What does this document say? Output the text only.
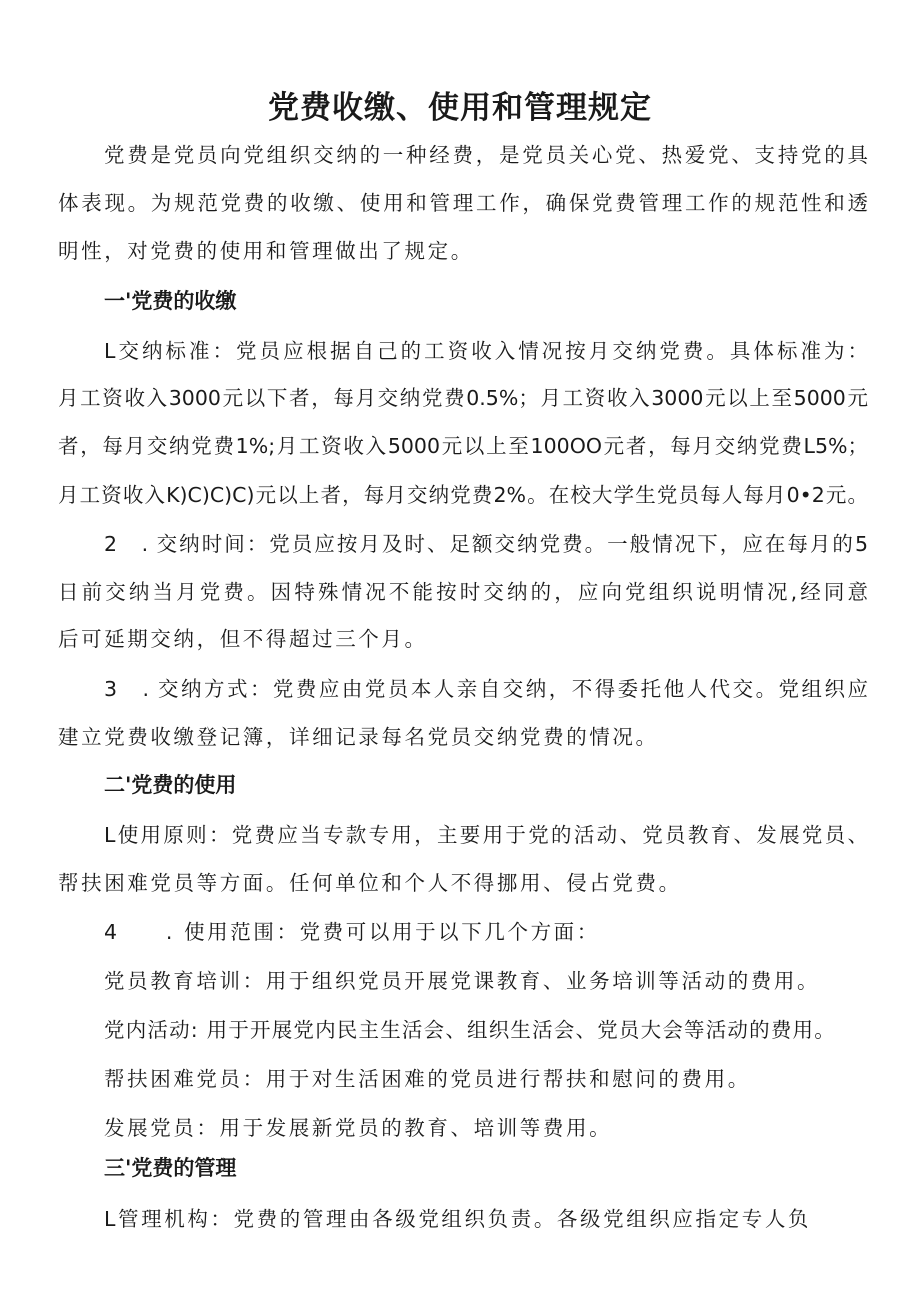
党费收缴、使用和管理规定
党费是党员向党组织交纳的一种经费，是党员关心党、热爱党、支持党的具
体表现。为规范党费的收缴、使用和管理工作，确保党费管理工作的规范性和透
明性，对党费的使用和管理做出了规定。
一'党费的收缴
L交纳标准：党员应根据自己的工资收入情况按月交纳党费。具体标准为：
月工资收入3000元以下者，每月交纳党费0.5%；月工资收入3000元以上至5000元
者，每月交纳党费1%;月工资收入5000元以上至100OO元者，每月交纳党费L5%；
月工资收入K)C)C)C)元以上者，每月交纳党费2%。在校大学生党员每人每月0•2元。
2　. 交纳时间：党员应按月及时、足额交纳党费。一般情况下，应在每月的5
日前交纳当月党费。因特殊情况不能按时交纳的，应向党组织说明情况,经同意
后可延期交纳，但不得超过三个月。
3　. 交纳方式：党费应由党员本人亲自交纳，不得委托他人代交。党组织应
建立党费收缴登记簿，详细记录每名党员交纳党费的情况。
二'党费的使用
L使用原则：党费应当专款专用，主要用于党的活动、党员教育、发展党员、
帮扶困难党员等方面。任何单位和个人不得挪用、侵占党费。
4　　. 使用范围：党费可以用于以下几个方面：
党员教育培训：用于组织党员开展党课教育、业务培训等活动的费用。
党内活动: 用于开展党内民主生活会、组织生活会、党员大会等活动的费用。
帮扶困难党员：用于对生活困难的党员进行帮扶和慰问的费用。
发展党员：用于发展新党员的教育、培训等费用。
三'党费的管理
L管理机构：党费的管理由各级党组织负责。各级党组织应指定专人负
